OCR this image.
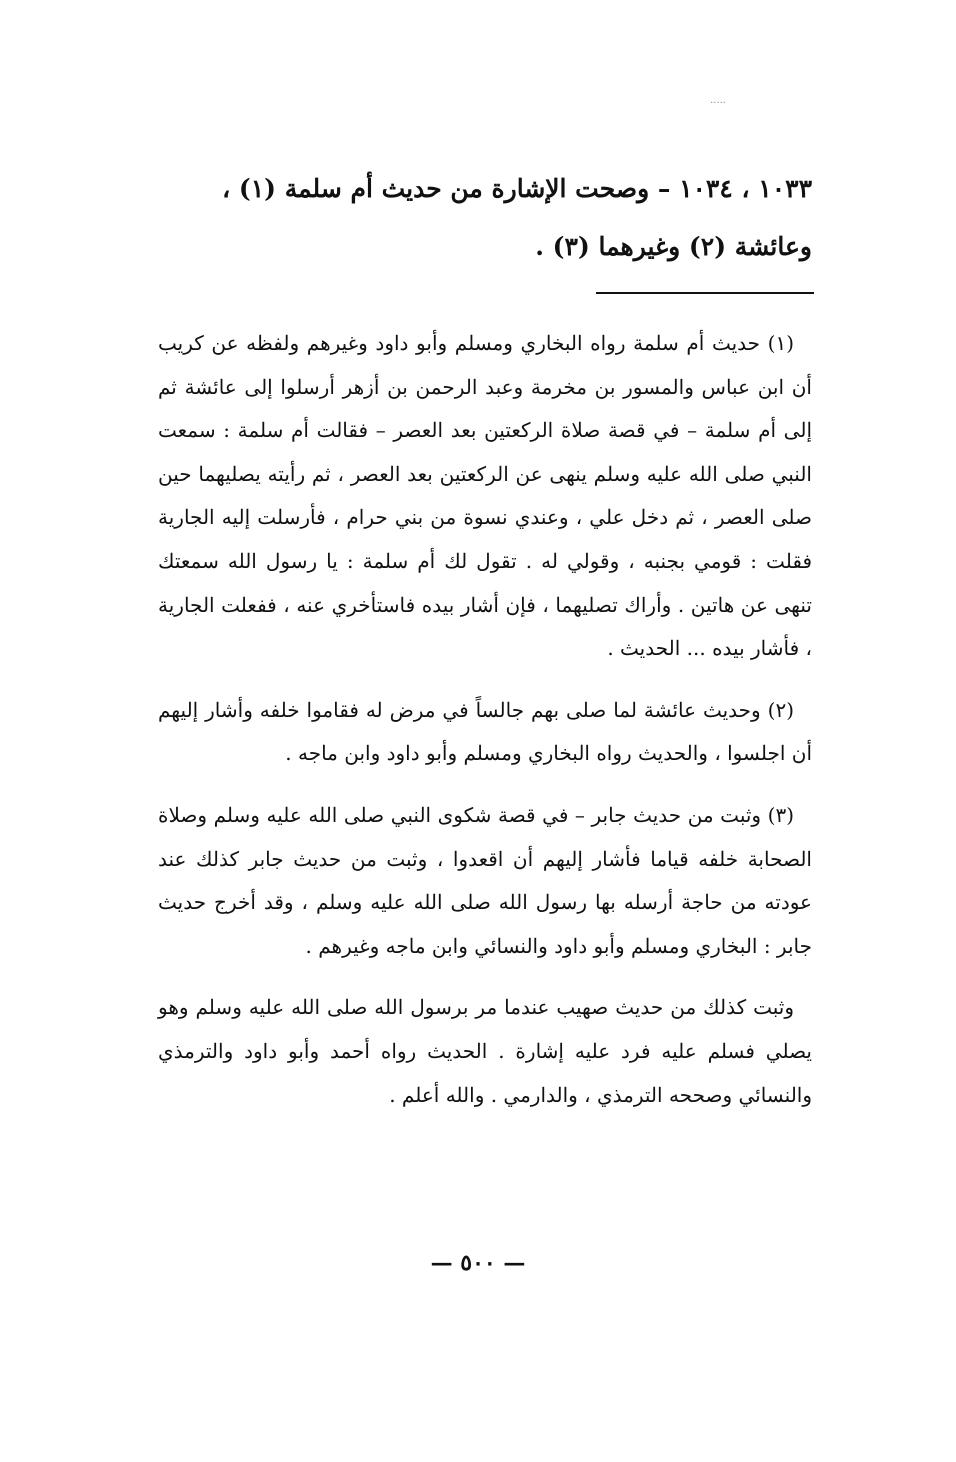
·····
١٠٣٣ ، ١٠٣٤ – وصحت الإشارة من حديث أم سلمة (١) ،
وعائشة (٢) وغيرهما (٣) .

(١) حديث أم سلمة رواه البخاري ومسلم وأبو داود وغيرهم ولفظه عن كريب أن ابن عباس والمسور بن مخرمة وعبد الرحمن بن أزهر أرسلوا إلى عائشة ثم إلى أم سلمة – في قصة صلاة الركعتين بعد العصر – فقالت أم سلمة : سمعت النبي صلى الله عليه وسلم ينهى عن الركعتين بعد العصر ، ثم رأيته يصليهما حين صلى العصر ، ثم دخل علي ، وعندي نسوة من بني حرام ، فأرسلت إليه الجارية فقلت : قومي بجنبه ، وقولي له . تقول لك أم سلمة : يا رسول الله سمعتك تنهى عن هاتين . وأراك تصليهما ، فإن أشار بيده فاستأخري عنه ، ففعلت الجارية ، فأشار بيده ... الحديث .

(٢) وحديث عائشة لما صلى بهم جالساً في مرض له فقاموا خلفه وأشار إليهم أن اجلسوا ، والحديث رواه البخاري ومسلم وأبو داود وابن ماجه .

(٣) وثبت من حديث جابر – في قصة شكوى النبي صلى الله عليه وسلم وصلاة الصحابة خلفه قياما فأشار إليهم أن اقعدوا ، وثبت من حديث جابر كذلك عند عودته من حاجة أرسله بها رسول الله صلى الله عليه وسلم ، وقد أخرج حديث جابر : البخاري ومسلم وأبو داود والنسائي وابن ماجه وغيرهم .

وثبت كذلك من حديث صهيب عندما مر برسول الله صلى الله عليه وسلم وهو يصلي فسلم عليه فرد عليه إشارة . الحديث رواه أحمد وأبو داود والترمذي والنسائي وصححه الترمذي ، والدارمي . والله أعلم .

— ٥٠٠ —
